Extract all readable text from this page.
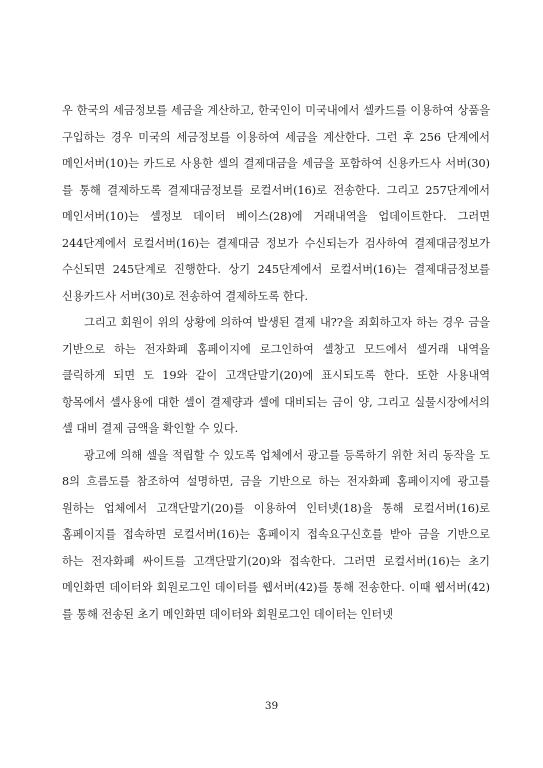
우 한국의 세금정보를 세금을 계산하고, 한국인이 미국내에서 셀카드를 이용하여 상품을 구입하는 경우 미국의 세금정보를 이용하여 세금을 계산한다. 그런 후 256 단계에서 메인서버(10)는 카드로 사용한 셀의 결제대금을 세금을 포함하여 신용카드사 서버(30)를 통해 결제하도록 결제대금정보를 로컬서버(16)로 전송한다. 그리고 257단계에서 메인서버(10)는 셀정보 데이터 베이스(28)에 거래내역을 업데이트한다. 그러면 244단계에서 로컬서버(16)는 결제대금 정보가 수신되는가 검사하여 결제대금정보가 수신되면 245단계로 진행한다. 상기 245단계에서 로컬서버(16)는 결제대금정보를 신용카드사 서버(30)로 전송하여 결제하도록 한다.

그리고 회원이 위의 상황에 의하여 발생된 결제 내??을 죄회하고자 하는 경우 금을 기반으로 하는 전자화폐 홈페이지에 로그인하여 셀창고 모드에서 셀거래 내역을 클릭하게 되면 도 19와 같이 고객단말기(20)에 표시되도록 한다. 또한 사용내역 항목에서 셀사용에 대한 셀이 결제량과 셀에 대비되는 금이 양, 그리고 실물시장에서의 셀 대비 결제 금액을 확인할 수 있다.

광고에 의해 셀을 적립할 수 있도록 업체에서 광고를 등록하기 위한 처리 동작을 도 8의 흐름도를 참조하여 설명하면, 금을 기반으로 하는 전자화폐 홈페이지에 광고를 원하는 업체에서 고객단말기(20)를 이용하여 인터넷(18)을 통해 로컬서버(16)로 홈페이지를 접속하면 로컬서버(16)는 홈페이지 접속요구신호를 받아 금을 기반으로 하는 전자화폐 싸이트를 고객단말기(20)와 접속한다. 그러면 로컬서버(16)는 초기 메인화면 데이터와 회원로그인 데이터를 웹서버(42)를 통해 전송한다. 이때 웹서버(42)를 통해 전송된 초기 메인화면 데이터와 회원로그인 데이터는 인터넷

39
